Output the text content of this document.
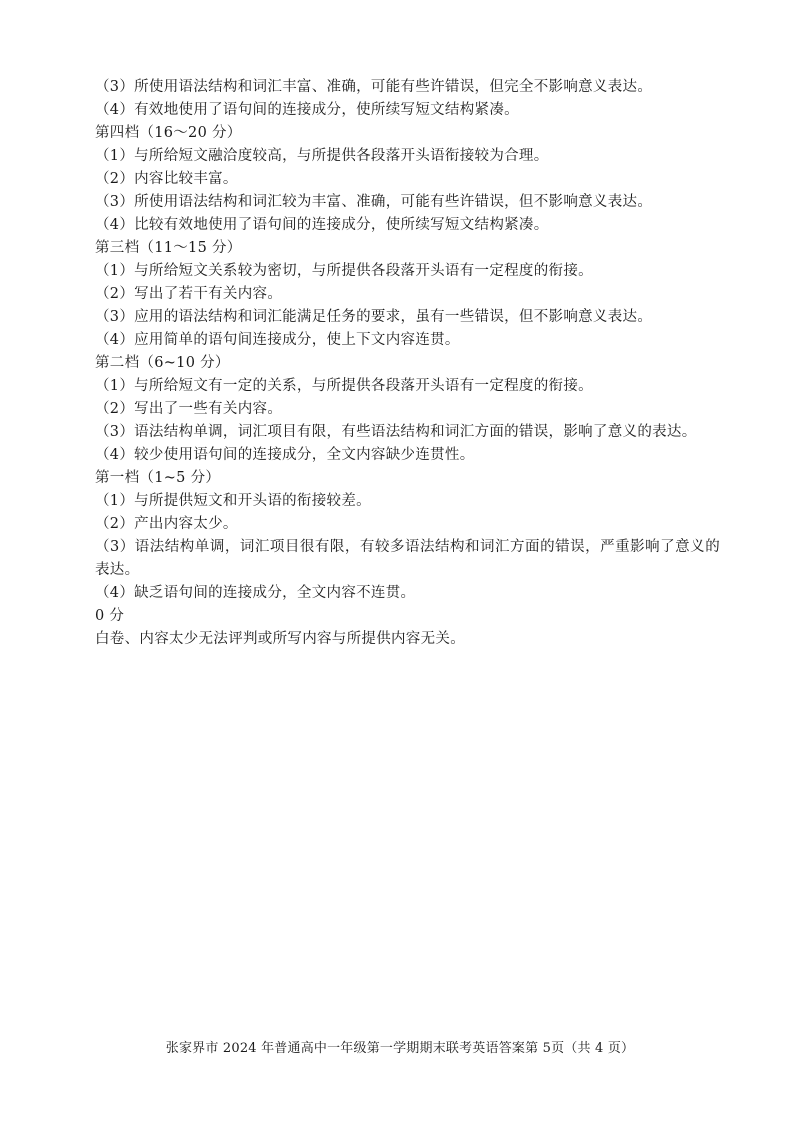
（3）所使用语法结构和词汇丰富、准确，可能有些许错误，但完全不影响意义表达。
（4）有效地使用了语句间的连接成分，使所续写短文结构紧凑。
第四档（16～20 分）
（1）与所给短文融洽度较高，与所提供各段落开头语衔接较为合理。
（2）内容比较丰富。
（3）所使用语法结构和词汇较为丰富、准确，可能有些许错误，但不影响意义表达。
（4）比较有效地使用了语句间的连接成分，使所续写短文结构紧凑。
第三档（11～15 分）
（1）与所给短文关系较为密切，与所提供各段落开头语有一定程度的衔接。
（2）写出了若干有关内容。
（3）应用的语法结构和词汇能满足任务的要求，虽有一些错误，但不影响意义表达。
（4）应用简单的语句间连接成分，使上下文内容连贯。
第二档（6~10 分）
（1）与所给短文有一定的关系，与所提供各段落开头语有一定程度的衔接。
（2）写出了一些有关内容。
（3）语法结构单调，词汇项目有限，有些语法结构和词汇方面的错误，影响了意义的表达。
（4）较少使用语句间的连接成分，全文内容缺少连贯性。
第一档（1~5 分）
（1）与所提供短文和开头语的衔接较差。
（2）产出内容太少。
（3）语法结构单调，词汇项目很有限，有较多语法结构和词汇方面的错误，严重影响了意义的表达。
（4）缺乏语句间的连接成分，全文内容不连贯。
0 分
白卷、内容太少无法评判或所写内容与所提供内容无关。
张家界市 2024 年普通高中一年级第一学期期末联考英语答案第 5页（共 4 页）
